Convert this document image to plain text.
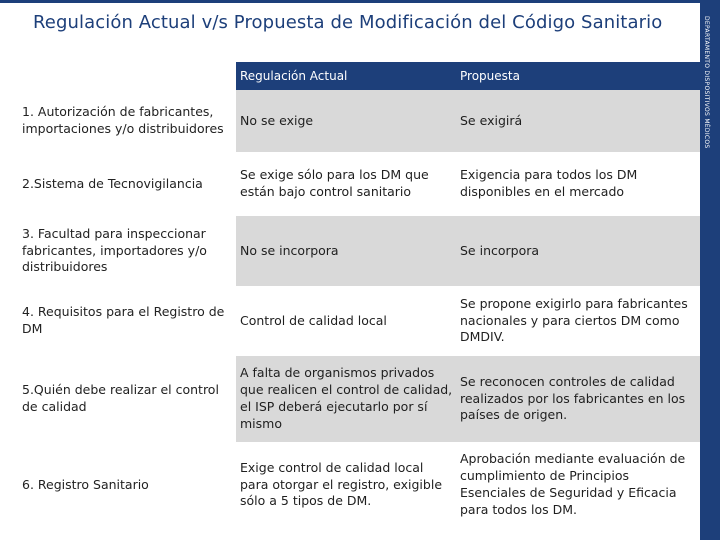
Regulación Actual v/s Propuesta de Modificación del Código Sanitario	DEPARTAMENTO DISPOSITIVOS MÉDICOS
	Regulación Actual	Propuesta
1. Autorización de fabricantes, importaciones y/o distribuidores	No se exige	Se exigirá
2.Sistema de Tecnovigilancia	Se exige sólo para los DM que están bajo control sanitario	Exigencia para todos los DM disponibles en el mercado
3. Facultad para inspeccionar fabricantes, importadores y/o distribuidores	No se incorpora	Se incorpora
4. Requisitos para el Registro de DM	Control de calidad local	Se propone exigirlo para fabricantes nacionales y para ciertos DM como DMDIV.
5.Quién debe realizar el control de calidad	A falta de organismos privados que realicen el control de calidad, el ISP deberá ejecutarlo por sí mismo	Se reconocen controles de calidad realizados por los fabricantes en los países de origen.
6. Registro Sanitario	Exige control de calidad local para otorgar el registro, exigible sólo a 5 tipos de DM.	Aprobación mediante evaluación de cumplimiento de Principios Esenciales de Seguridad y Eficacia para todos los DM.
